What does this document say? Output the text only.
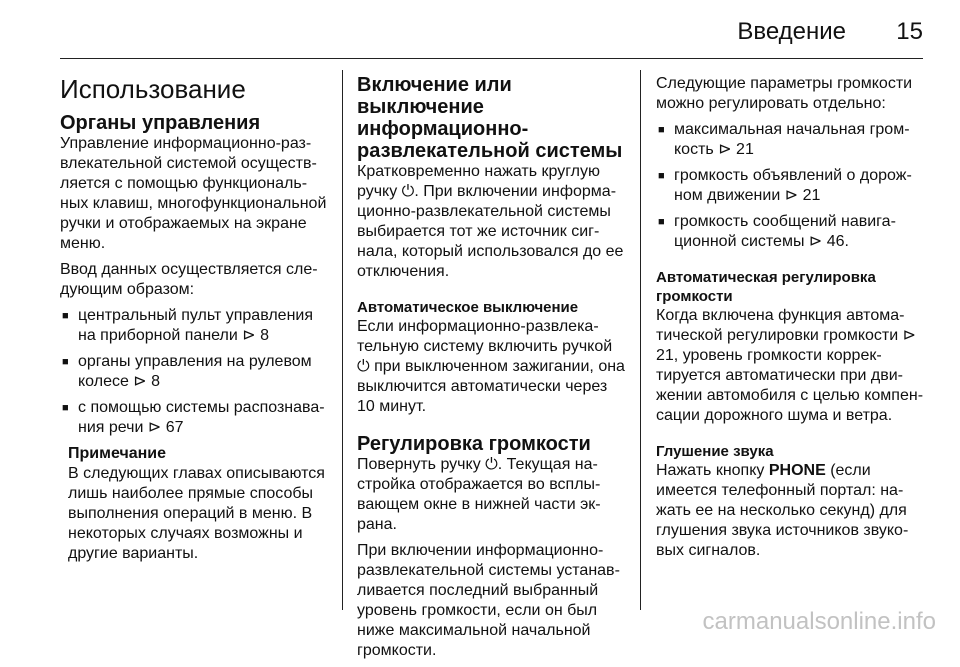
Введение 15
Использование
Органы управления

Управление информационно-развлекательной системой осуществляется с помощью функциональных клавиш, многофункциональной ручки и отображаемых на экране меню.

Ввод данных осуществляется следующим образом:

■ центральный пульт управления на приборной панели ⊳ 8
■ органы управления на рулевом колесе ⊳ 8
■ с помощью системы распознавания речи ⊳ 67
Примечание
В следующих главах описываются лишь наиболее прямые способы выполнения операций в меню. В некоторых случаях возможны и другие варианты.
Включение или выключение информационно-развлекательной системы

Кратковременно нажать круглую ручку ⏻. При включении информационно-развлекательной системы выбирается тот же источник сигнала, который использовался до ее отключения.

Автоматическое выключение

Если информационно-развлекательную систему включить ручкой ⏻ при выключенном зажигании, она выключится автоматически через 10 минут.

Регулировка громкости

Повернуть ручку ⏻. Текущая настройка отображается во всплывающем окне в нижней части экрана.

При включении информационно-развлекательной системы устанавливается последний выбранный уровень громкости, если он был ниже максимальной начальной громкости.

Следующие параметры громкости можно регулировать отдельно:

■ максимальная начальная громкость ⊳ 21
■ громкость объявлений о дорожном движении ⊳ 21
■ громкость сообщений навигационной системы ⊳ 46.
Автоматическая регулировка громкости

Когда включена функция автоматической регулировки громкости ⊳ 21, уровень громкости корректируется автоматически при движении автомобиля с целью компенсации дорожного шума и ветра.

Глушение звука

Нажать кнопку PHONE (если имеется телефонный портал: нажать ее на несколько секунд) для глушения звука источников звуковых сигналов.

carmanualsonline.info
